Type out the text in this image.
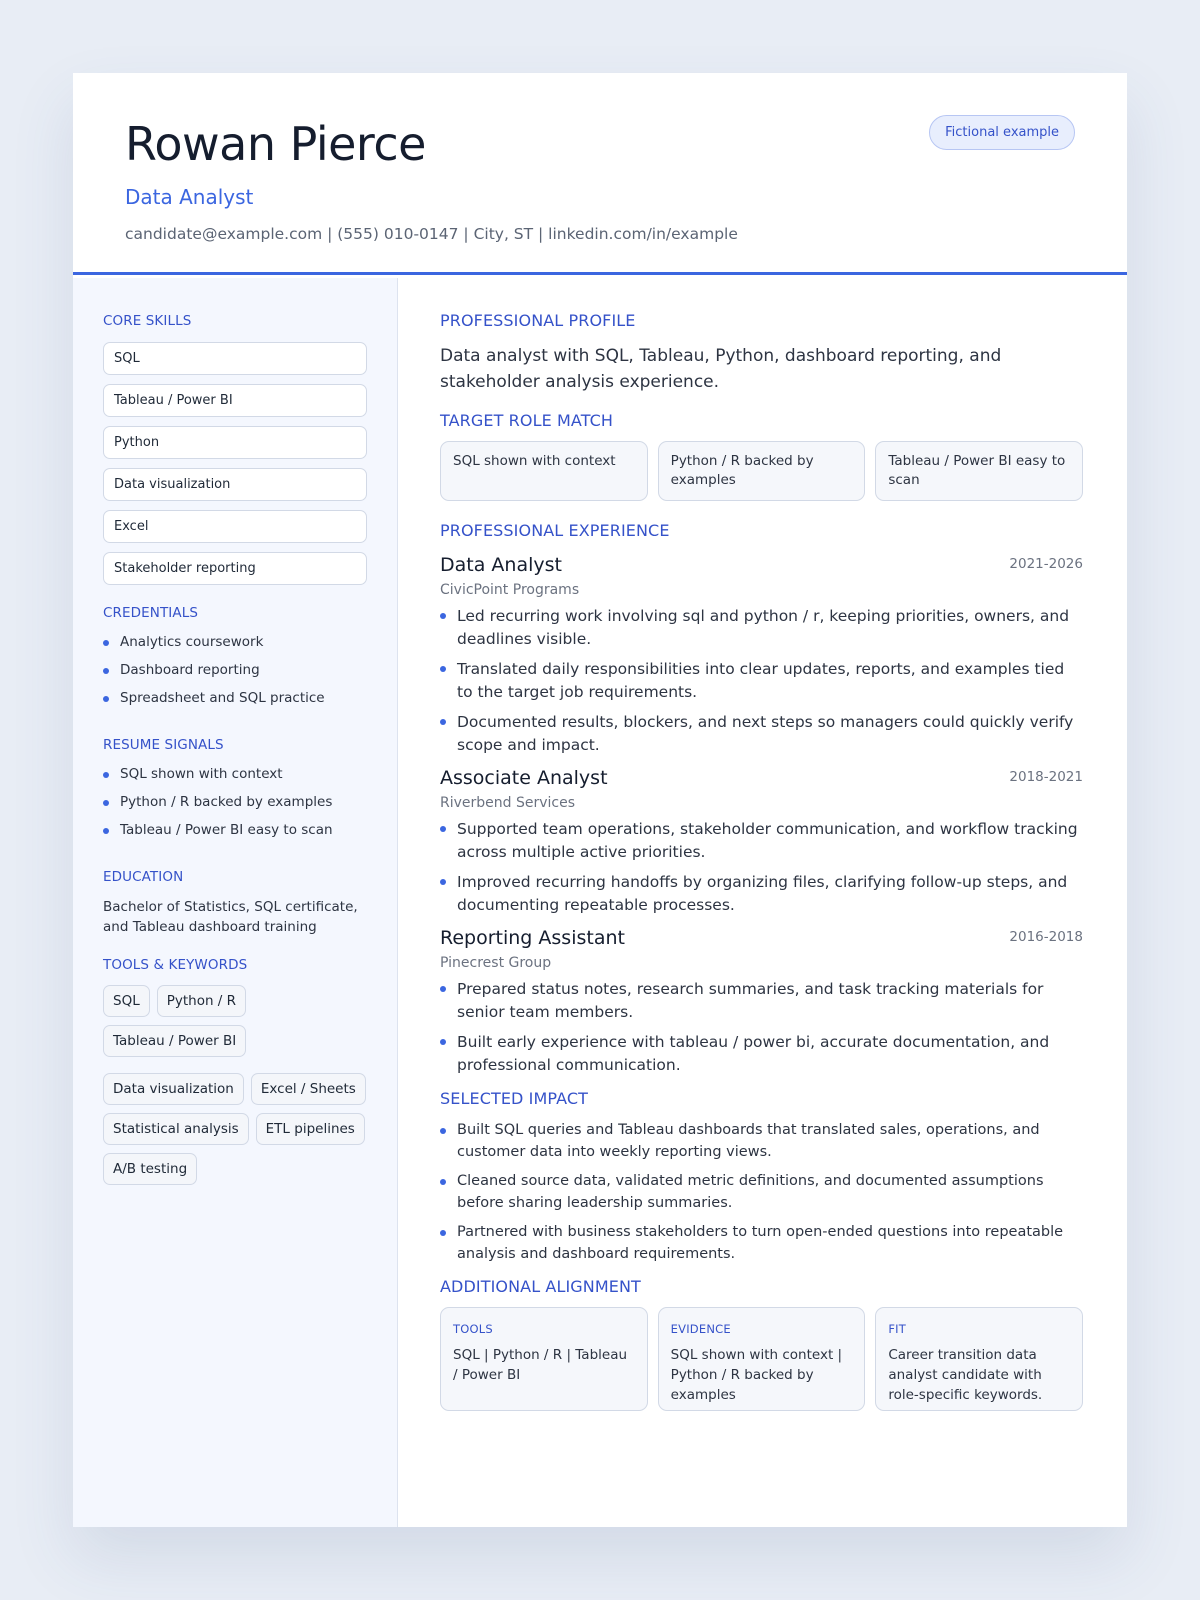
Rowan Pierce
Data Analyst
candidate@example.com | (555) 010-0147 | City, ST | linkedin.com/in/example
Fictional example
CORE SKILLS
SQL
Tableau / Power BI
Python
Data visualization
Excel
Stakeholder reporting
CREDENTIALS
Analytics coursework
Dashboard reporting
Spreadsheet and SQL practice
RESUME SIGNALS
SQL shown with context
Python / R backed by examples
Tableau / Power BI easy to scan
EDUCATION
Bachelor of Statistics, SQL certificate, and Tableau dashboard training
TOOLS & KEYWORDS
SQL	Python / R
Tableau / Power BI
Data visualization	Excel / Sheets
Statistical analysis	ETL pipelines
A/B testing
PROFESSIONAL PROFILE

Data analyst with SQL, Tableau, Python, dashboard reporting, and stakeholder analysis experience.

TARGET ROLE MATCH
SQL shown with context	Python / R backed by examples
Tableau / Power BI easy to scan
PROFESSIONAL EXPERIENCE
Data Analyst	2021-2026
CivicPoint Programs
Led recurring work involving sql and python / r, keeping priorities, owners, and deadlines visible.
Translated daily responsibilities into clear updates, reports, and examples tied to the target job requirements.
Documented results, blockers, and next steps so managers could quickly verify scope and impact.
Associate Analyst	2018-2021
Riverbend Services
Supported team operations, stakeholder communication, and workflow tracking across multiple active priorities.
Improved recurring handoffs by organizing files, clarifying follow-up steps, and documenting repeatable processes.
Reporting Assistant	2016-2018
Pinecrest Group
Prepared status notes, research summaries, and task tracking materials for senior team members.
Built early experience with tableau / power bi, accurate documentation, and professional communication.
SELECTED IMPACT
Built SQL queries and Tableau dashboards that translated sales, operations, and customer data into weekly reporting views.
Cleaned source data, validated metric definitions, and documented assumptions before sharing leadership summaries.
Partnered with business stakeholders to turn open-ended questions into repeatable analysis and dashboard requirements.
ADDITIONAL ALIGNMENT
TOOLS
SQL | Python / R | Tableau / Power BI
EVIDENCE
SQL shown with context | Python / R backed by examples
FIT
Career transition data analyst candidate with role-specific keywords.
